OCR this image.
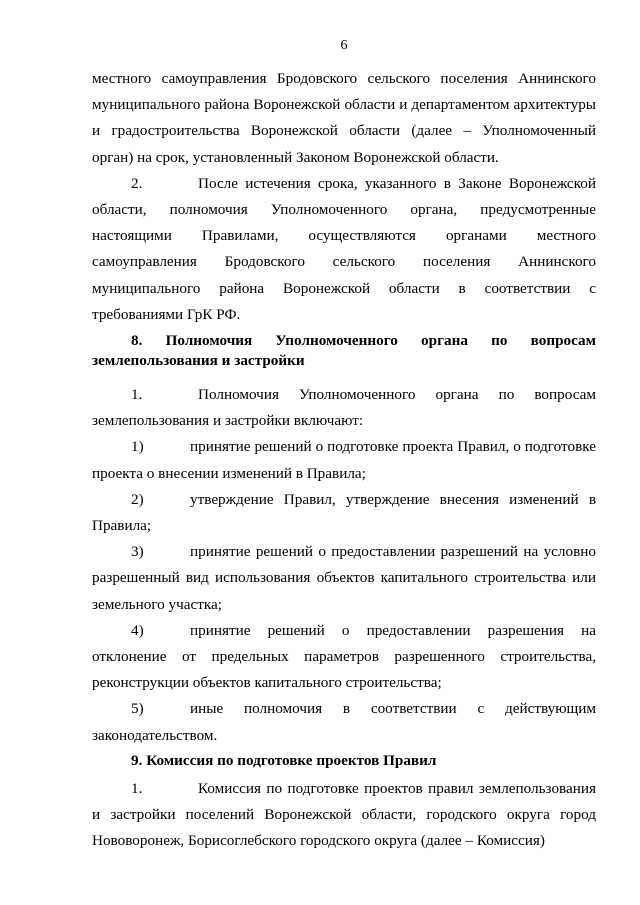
6

местного самоуправления Бродовского сельского поселения Аннинского муниципального района Воронежской области и департаментом архитектуры и градостроительства Воронежской области (далее – Уполномоченный орган) на срок, установленный Законом Воронежской области.

2.	После истечения срока, указанного в Законе Воронежской области, полномочия Уполномоченного органа, предусмотренные настоящими Правилами, осуществляются органами местного самоуправления Бродовского сельского поселения Аннинского муниципального района Воронежской области в соответствии с требованиями ГрК РФ.

8. Полномочия Уполномоченного органа по вопросам землепользования и застройки

1.	Полномочия Уполномоченного органа по вопросам землепользования и застройки включают:

1)	принятие решений о подготовке проекта Правил, о подготовке проекта о внесении изменений в Правила;

2)	утверждение Правил, утверждение внесения изменений в Правила;

3)	принятие решений о предоставлении разрешений на условно разрешенный вид использования объектов капитального строительства или земельного участка;

4)	принятие решений о предоставлении разрешения на отклонение от предельных параметров разрешенного строительства, реконструкции объектов капитального строительства;

5)	иные полномочия в соответствии с действующим законодательством.

9. Комиссия по подготовке проектов Правил

1.	Комиссия по подготовке проектов правил землепользования и застройки поселений Воронежской области, городского округа город Нововоронеж, Борисоглебского городского округа (далее – Комиссия)
